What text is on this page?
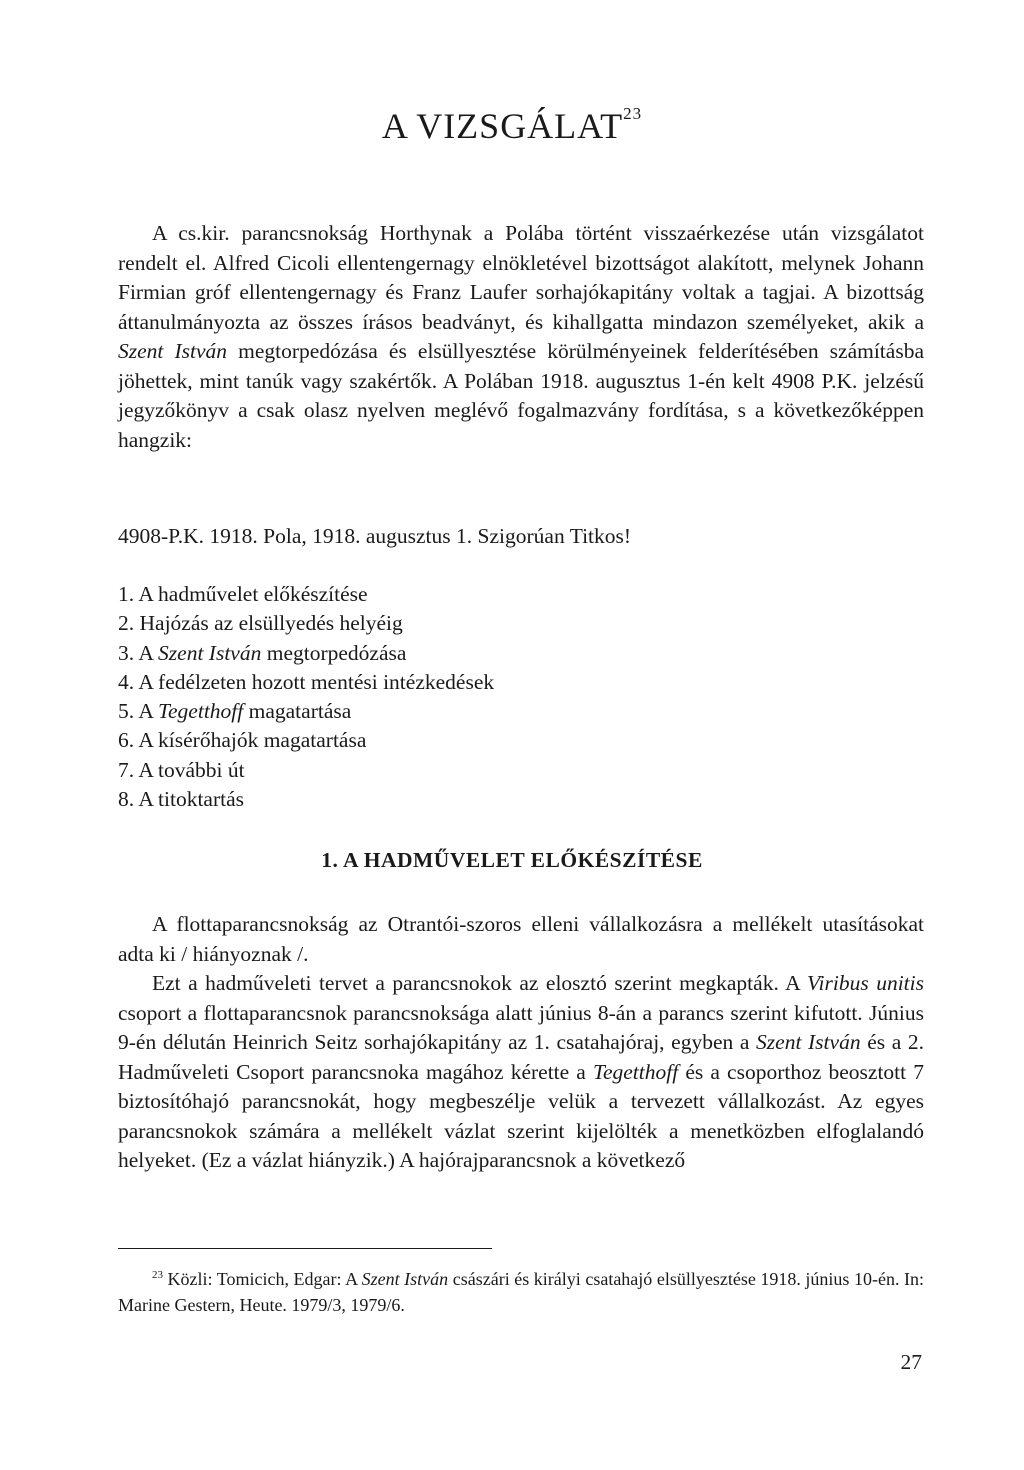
A VIZSGÁLAT$^{23}$

A cs.kir. parancsnokság Horthynak a Polába történt visszaérkezése után vizsgálatot rendelt el. Alfred Cicoli ellentengernagy elnökletével bizottságot alakított, melynek Johann Firmian gróf ellentengernagy és Franz Laufer sorhajókapitány voltak a tagjai. A bizottság áttanulmányozta az összes írásos beadványt, és kihallgatta mindazon személyeket, akik a Szent István megtorpedózása és elsüllyesztése körülményeinek felderítésében számításba jöhettek, mint tanúk vagy szakértők. A Polában 1918. augusztus 1-én kelt 4908 P.K. jelzésű jegyzőkönyv a csak olasz nyelven meglévő fogalmazvány fordítása, s a következőképpen hangzik:

4908-P.K. 1918. Pola, 1918. augusztus 1. Szigorúan Titkos!
1. A hadművelet előkészítése
2. Hajózás az elsüllyedés helyéig
3. A Szent István megtorpedózása
4. A fedélzeten hozott mentési intézkedések
5. A Tegetthoff magatartása
6. A kísérőhajók magatartása
7. A további út
8. A titoktartás
1. A HADMŰVELET ELŐKÉSZÍTÉSE

A flottaparancsnokság az Otrantói-szoros elleni vállalkozásra a mellékelt utasításokat adta ki / hiányoznak /.

Ezt a hadműveleti tervet a parancsnokok az elosztó szerint megkapták. A Viribus unitis csoport a flottaparancsnok parancsnoksága alatt június 8-án a parancs szerint kifutott. Június 9-én délután Heinrich Seitz sorhajókapitány az 1. csatahajóraj, egyben a Szent István és a 2. Hadműveleti Csoport parancsnoka magához kérette a Tegetthoff és a csoporthoz beosztott 7 biztosítóhajó parancsnokát, hogy megbeszélje velük a tervezett vállalkozást. Az egyes parancsnokok számára a mellékelt vázlat szerint kijelölték a menetközben elfoglalandó helyeket. (Ez a vázlat hiányzik.) A hajórajparancsnok a következő

$^{23}$ Közli: Tomicich, Edgar: A Szent István császári és királyi csatahajó elsüllyesztése 1918. június 10-én. In: Marine Gestern, Heute. 1979/3, 1979/6.

27
